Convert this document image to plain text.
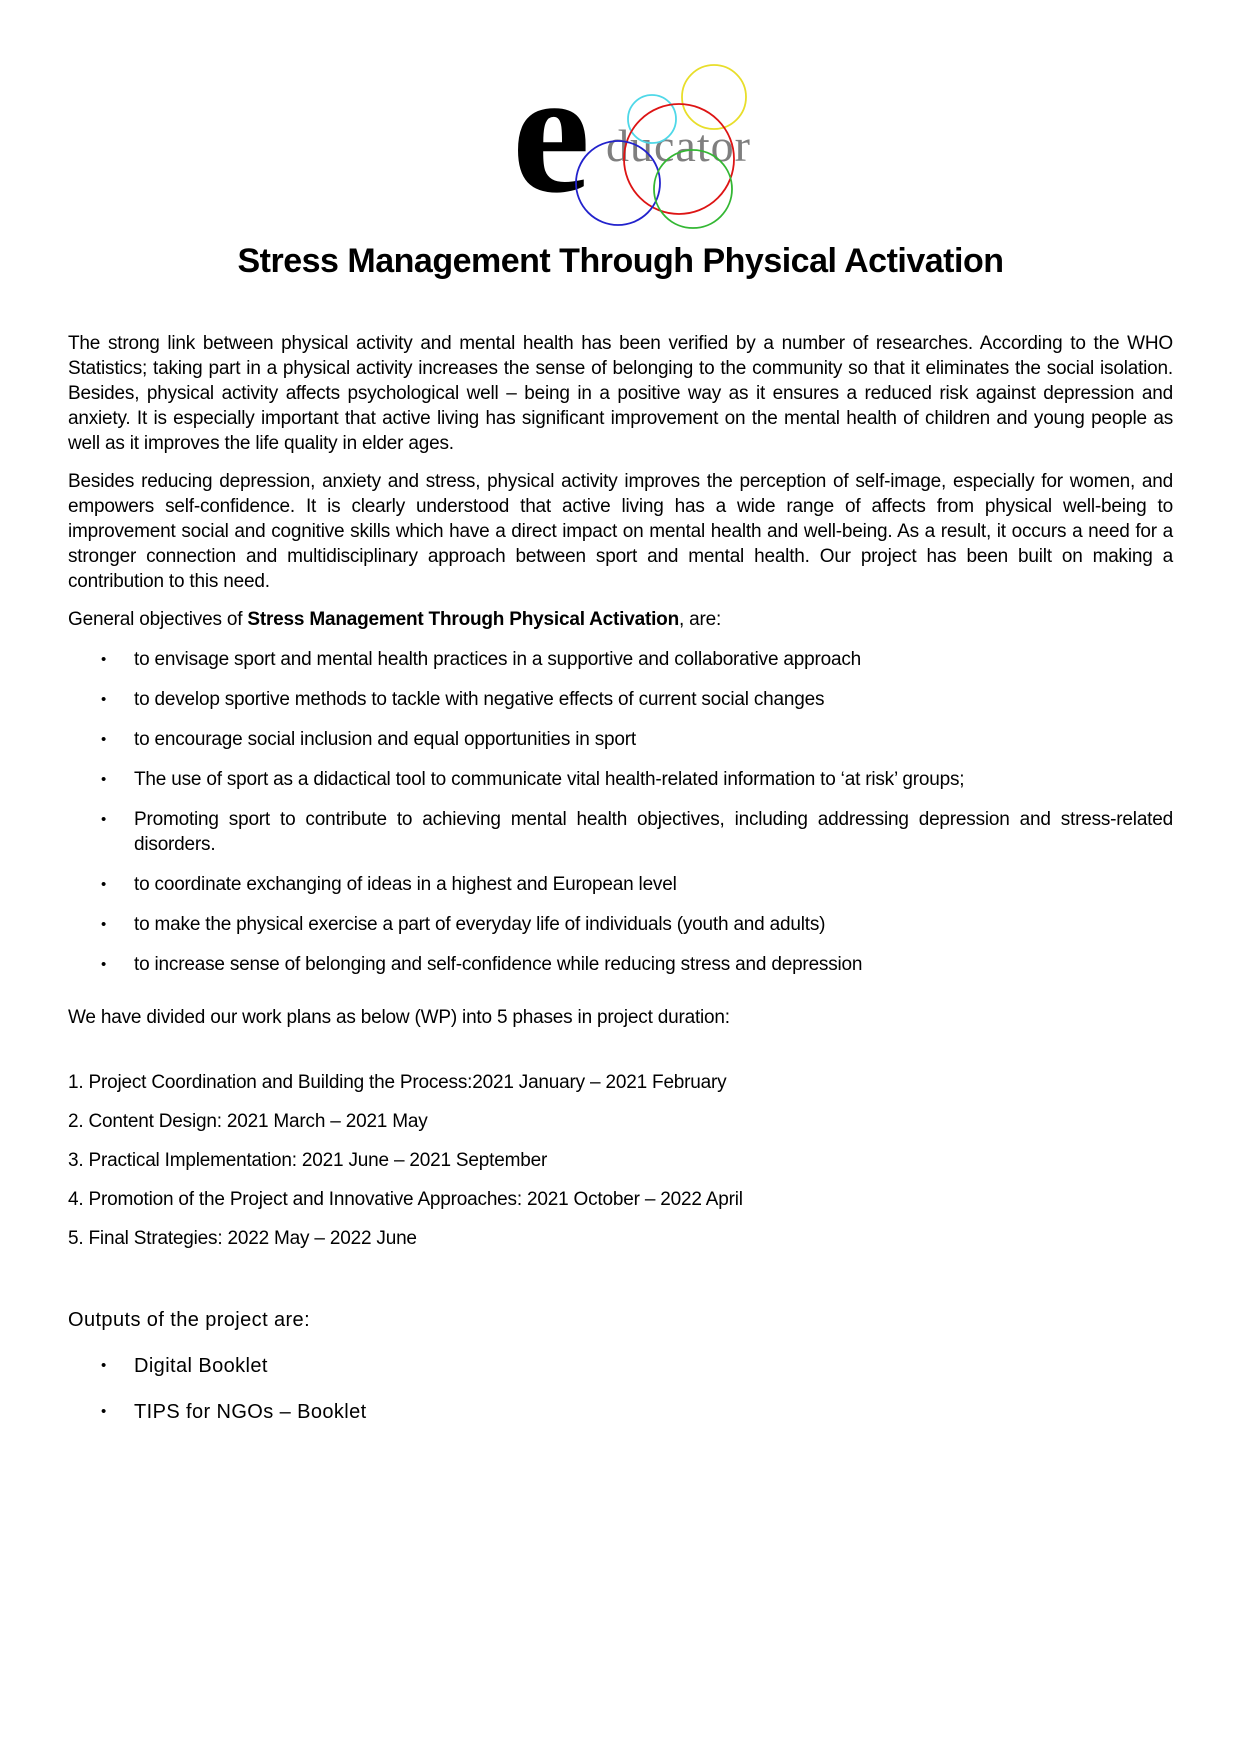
e ducator
Stress Management Through Physical Activation

The strong link between physical activity and mental health has been verified by a number of researches. According to the WHO Statistics; taking part in a physical activity increases the sense of belonging to the community so that it eliminates the social isolation. Besides, physical activity affects psychological well – being in a positive way as it ensures a reduced risk against depression and anxiety. It is especially important that active living has significant improvement on the mental health of children and young people as well as it improves the life quality in elder ages.

Besides reducing depression, anxiety and stress, physical activity improves the perception of self-image, especially for women, and empowers self-confidence. It is clearly understood that active living has a wide range of affects from physical well-being to improvement social and cognitive skills which have a direct impact on mental health and well-being. As a result, it occurs a need for a stronger connection and multidisciplinary approach between sport and mental health. Our project has been built on making a contribution to this need.

General objectives of Stress Management Through Physical Activation, are:

•	to envisage sport and mental health practices in a supportive and collaborative approach
•	to develop sportive methods to tackle with negative effects of current social changes
•	to encourage social inclusion and equal opportunities in sport
•	The use of sport as a didactical tool to communicate vital health-related information to ‘at risk’ groups;
•	Promoting sport to contribute to achieving mental health objectives, including addressing depression and stress-related disorders.
•	to coordinate exchanging of ideas in a highest and European level
•	to make the physical exercise a part of everyday life of individuals (youth and adults)
•	to increase sense of belonging and self-confidence while reducing stress and depression

We have divided our work plans as below (WP) into 5 phases in project duration:

1. Project Coordination and Building the Process:2021 January – 2021 February

2. Content Design: 2021 March – 2021 May

3. Practical Implementation: 2021 June – 2021 September

4. Promotion of the Project and Innovative Approaches: 2021 October – 2022 April

5. Final Strategies: 2022 May – 2022 June

Outputs of the project are:

•	Digital Booklet
•	TIPS for NGOs – Booklet
